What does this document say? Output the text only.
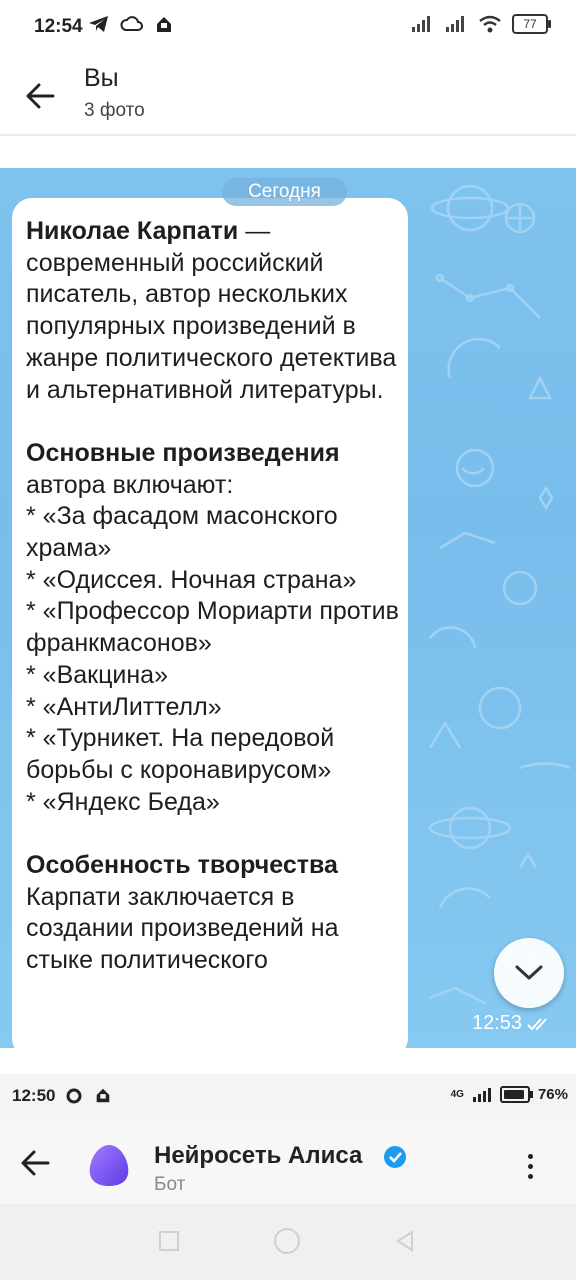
12:54	77
Вы
3 фото

Николае Карпати — современный российский писатель, автор нескольких популярных произведений в жанре политического детектива и альтернативной литературы.

Основные произведения автора включают:

* «За фасадом масонского храма»

* «Одиссея. Ночная страна»

* «Профессор Мориарти против франкмасонов»

* «Вакцина»

* «АнтиЛиттелл»

* «Турникет. На передовой борьбы с коронавирусом»

* «Яндекс Беда»

Особенность творчества Карпати заключается в создании произведений на стыке политического

Сегодня
12:53
12:50	4G	76%
Нейросеть Алиса
Бот
